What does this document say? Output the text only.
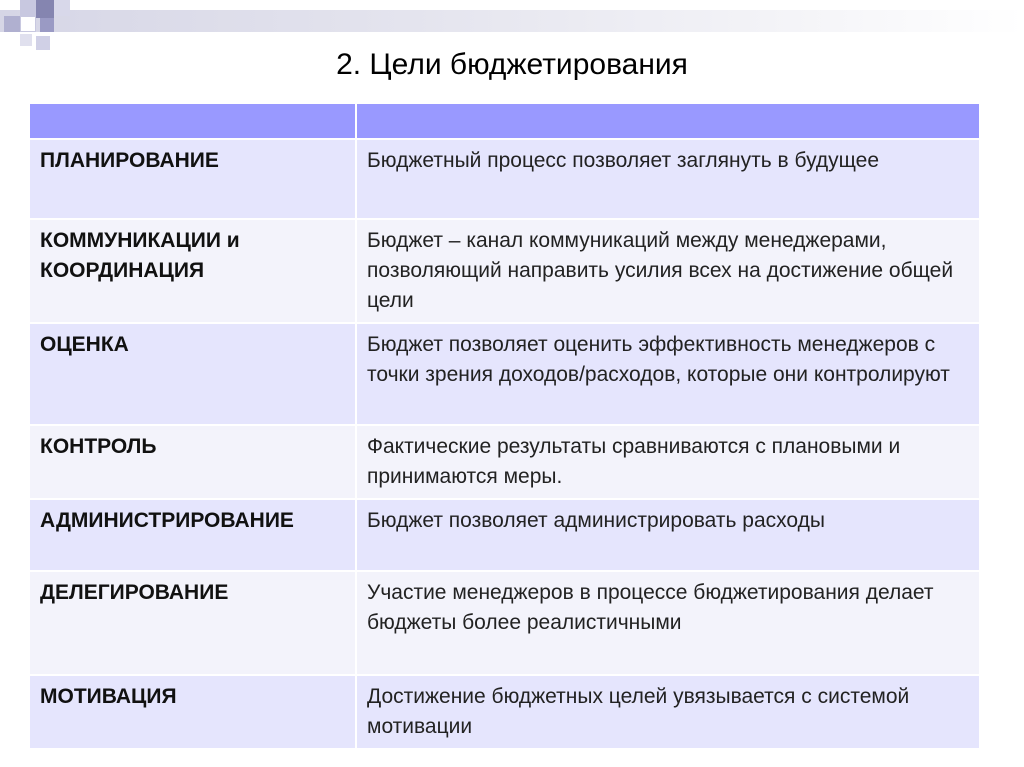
2. Цели бюджетирования

ПЛАНИРОВАНИЕ	Бюджетный процесс позволяет заглянуть в будущее
КОММУНИКАЦИИ и КООРДИНАЦИЯ	Бюджет – канал коммуникаций между менеджерами, позволяющий направить усилия всех на достижение общей цели
ОЦЕНКА	Бюджет позволяет оценить эффективность менеджеров с точки зрения доходов/расходов, которые они контролируют
КОНТРОЛЬ	Фактические результаты сравниваются с плановыми и принимаются меры.
АДМИНИСТРИРОВАНИЕ	Бюджет позволяет администрировать расходы
ДЕЛЕГИРОВАНИЕ	Участие менеджеров в процессе бюджетирования делает бюджеты более реалистичными
МОТИВАЦИЯ	Достижение бюджетных целей увязывается с системой мотивации
